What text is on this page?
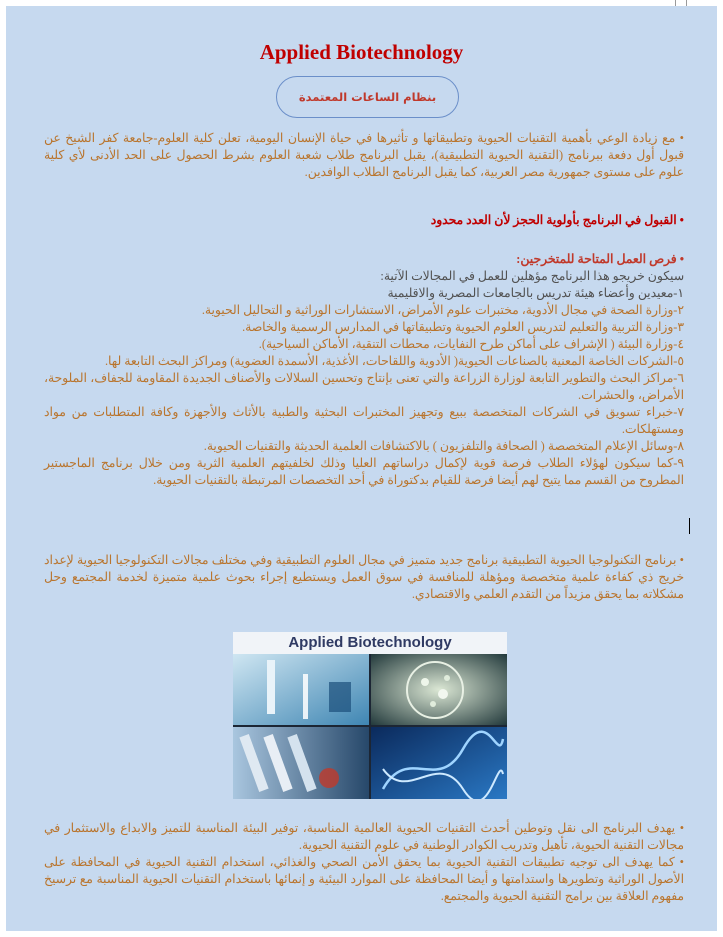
Applied Biotechnology
بنظام الساعات المعتمدة
• مع زيادة الوعي بأهمية التقنيات الحيوية وتطبيقاتها و تأثيرها في حياة الإنسان اليومية، تعلن كلية العلوم-جامعة كفر الشيخ عن قبول أول دفعة ببرنامج (التقنية الحيوية التطبيقية)، يقبل البرنامج طلاب شعبة العلوم بشرط الحصول على الحد الأدنى لأي كلية علوم على مستوى جمهورية مصر العربية، كما يقبل البرنامج الطلاب الوافدين.
• القبول في البرنامج بأولوية الحجز لأن العدد محدود
• فرص العمل المتاحة للمتخرجين:
سيكون خريجو هذا البرنامج مؤهلين للعمل في المجالات الآتية:
١-معيدين وأعضاء هيئة تدريس بالجامعات المصرية والاقليمية
٢-وزارة الصحة في مجال الأدوية، مختبرات علوم الأمراض، الاستشارات الوراثية و التحاليل الحيوية.
٣-وزارة التربية والتعليم لتدريس العلوم الحيوية وتطبيقاتها في المدارس الرسمية والخاصة.
٤-وزارة البيئة ( الإشراف على أماكن طرح النفايات، محطات التنقية، الأماكن السياحية).
٥-الشركات الخاصة المعنية بالصناعات الحيوية( الأدوية واللقاحات، الأغذية، الأسمدة العضوية) ومراكز البحث التابعة لها.
٦-مراكز البحث والتطوير التابعة لوزارة الزراعة والتي تعنى بإنتاج وتحسين السلالات والأصناف الجديدة المقاومة للجفاف، الملوحة، الأمراض، والحشرات.
٧-خبراء تسويق في الشركات المتخصصة ببيع وتجهيز المختبرات البحثية والطبية بالأثاث والأجهزة وكافة المتطلبات من مواد ومستهلكات.
٨-وسائل الإعلام المتخصصة ( الصحافة والتلفزيون ) بالاكتشافات العلمية الحديثة والتقنيات الحيوية.
٩-كما سيكون لهؤلاء الطلاب فرصة قوية لإكمال دراساتهم العليا وذلك لخلفيتهم العلمية الثرية ومن خلال برنامج الماجستير المطروح من القسم مما يتيح لهم أيضا فرصة للقيام بدكتوراة في أحد التخصصات المرتبطة بالتقنيات الحيوية.
• برنامج التكنولوجيا الحيوية التطبيقية برنامج جديد متميز في مجال العلوم التطبيقية وفي مختلف مجالات التكنولوجيا الحيوية لإعداد خريج ذي كفاءة علمية متخصصة ومؤهلة للمنافسة في سوق العمل ويستطيع إجراء بحوث علمية متميزة لخدمة المجتمع وحل مشكلاته بما يحقق مزيداً من التقدم العلمي والاقتصادي.
Applied Biotechnology
• يهدف البرنامج الى نقل وتوطين أحدث التقنيات الحيوية العالمية المناسبة، توفير البيئة المناسبة للتميز والابداع والاستثمار في مجالات التقنية الحيوية، تأهيل وتدريب الكوادر الوطنية في علوم التقنية الحيوية.
• كما يهدف الى توجيه تطبيقات التقنية الحيوية بما يحقق الأمن الصحي والغذائي، استخدام التقنية الحيوية في المحافظة على الأصول الوراثية وتطويرها واستدامتها و أيضا المحافظة على الموارد البيئية و إنمائها باستخدام التقنيات الحيوية المناسبة مع ترسيخ مفهوم العلاقة بين برامج التقنية الحيوية والمجتمع.
